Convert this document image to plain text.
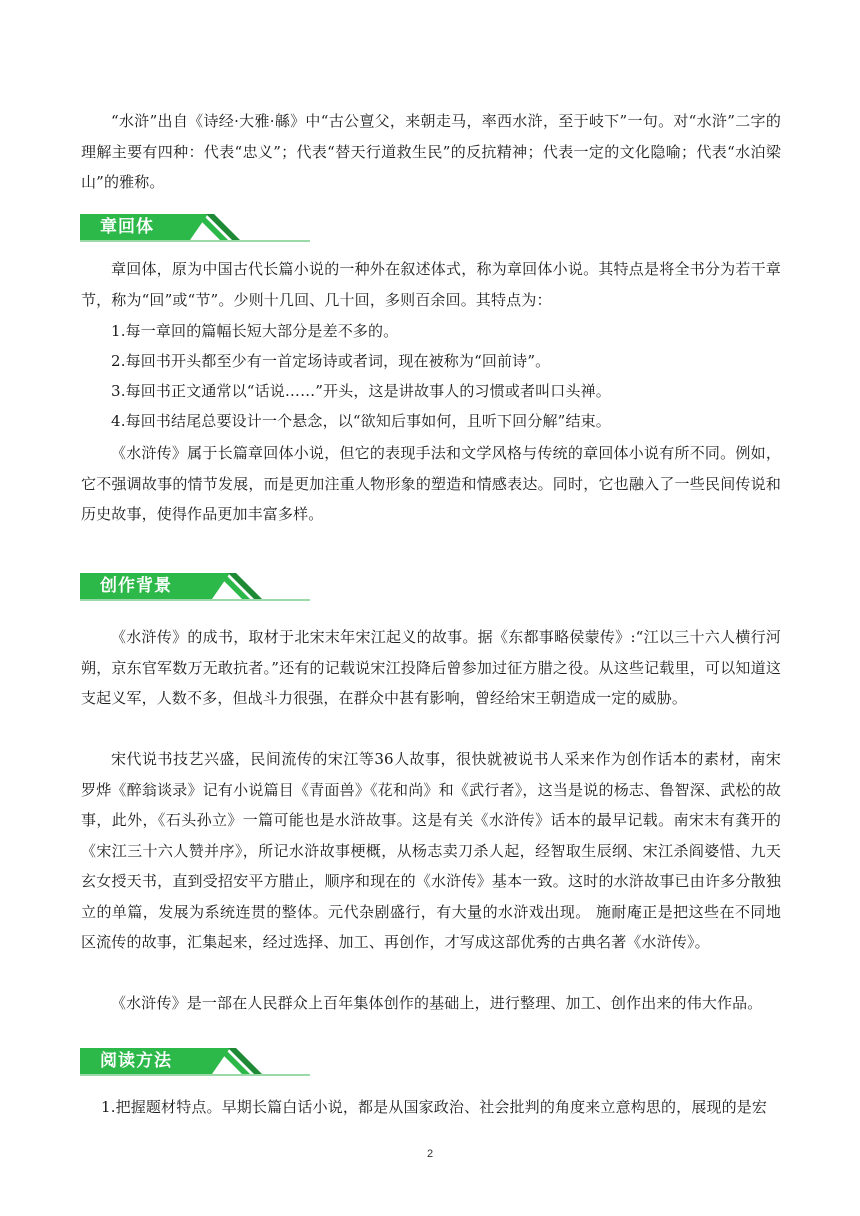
“水浒”出自《诗经·大雅·緜》中“古公亶父，来朝走马，率西水浒，至于岐下”一句。对“水浒”二字的理解主要有四种：代表“忠义”；代表“替天行道救生民”的反抗精神；代表一定的文化隐喻；代表“水泊梁山”的雅称。

章回体

章回体，原为中国古代长篇小说的一种外在叙述体式，称为章回体小说。其特点是将全书分为若干章节，称为“回”或“节”。少则十几回、几十回，多则百余回。其特点为：

1.每一章回的篇幅长短大部分是差不多的。

2.每回书开头都至少有一首定场诗或者词，现在被称为“回前诗”。

3.每回书正文通常以“话说……”开头，这是讲故事人的习惯或者叫口头禅。

4.每回书结尾总要设计一个悬念，以“欲知后事如何，且听下回分解”结束。

《水浒传》属于长篇章回体小说，但它的表现手法和文学风格与传统的章回体小说有所不同。例如，它不强调故事的情节发展，而是更加注重人物形象的塑造和情感表达。同时，它也融入了一些民间传说和历史故事，使得作品更加丰富多样。

创作背景

《水浒传》的成书，取材于北宋末年宋江起义的故事。据《东都事略侯蒙传》:“江以三十六人横行河朔，京东官军数万无敢抗者。”还有的记载说宋江投降后曾参加过征方腊之役。从这些记载里，可以知道这支起义军，人数不多，但战斗力很强，在群众中甚有影响，曾经给宋王朝造成一定的威胁。

宋代说书技艺兴盛，民间流传的宋江等36人故事，很快就被说书人采来作为创作话本的素材，南宋罗烨《醉翁谈录》记有小说篇目《青面兽》《花和尚》和《武行者》，这当是说的杨志、鲁智深、武松的故事，此外，《石头孙立》一篇可能也是水浒故事。这是有关《水浒传》话本的最早记载。南宋末有龚开的《宋江三十六人赞并序》，所记水浒故事梗概，从杨志卖刀杀人起，经智取生辰纲、宋江杀阎婆惜、九天玄女授天书，直到受招安平方腊止，顺序和现在的《水浒传》基本一致。这时的水浒故事已由许多分散独立的单篇，发展为系统连贯的整体。元代杂剧盛行，有大量的水浒戏出现。 施耐庵正是把这些在不同地区流传的故事，汇集起来，经过选择、加工、再创作，才写成这部优秀的古典名著《水浒传》。

《水浒传》是一部在人民群众上百年集体创作的基础上，进行整理、加工、创作出来的伟大作品。

阅读方法

1.把握题材特点。早期长篇白话小说，都是从国家政治、社会批判的角度来立意构思的，展现的是宏

2
